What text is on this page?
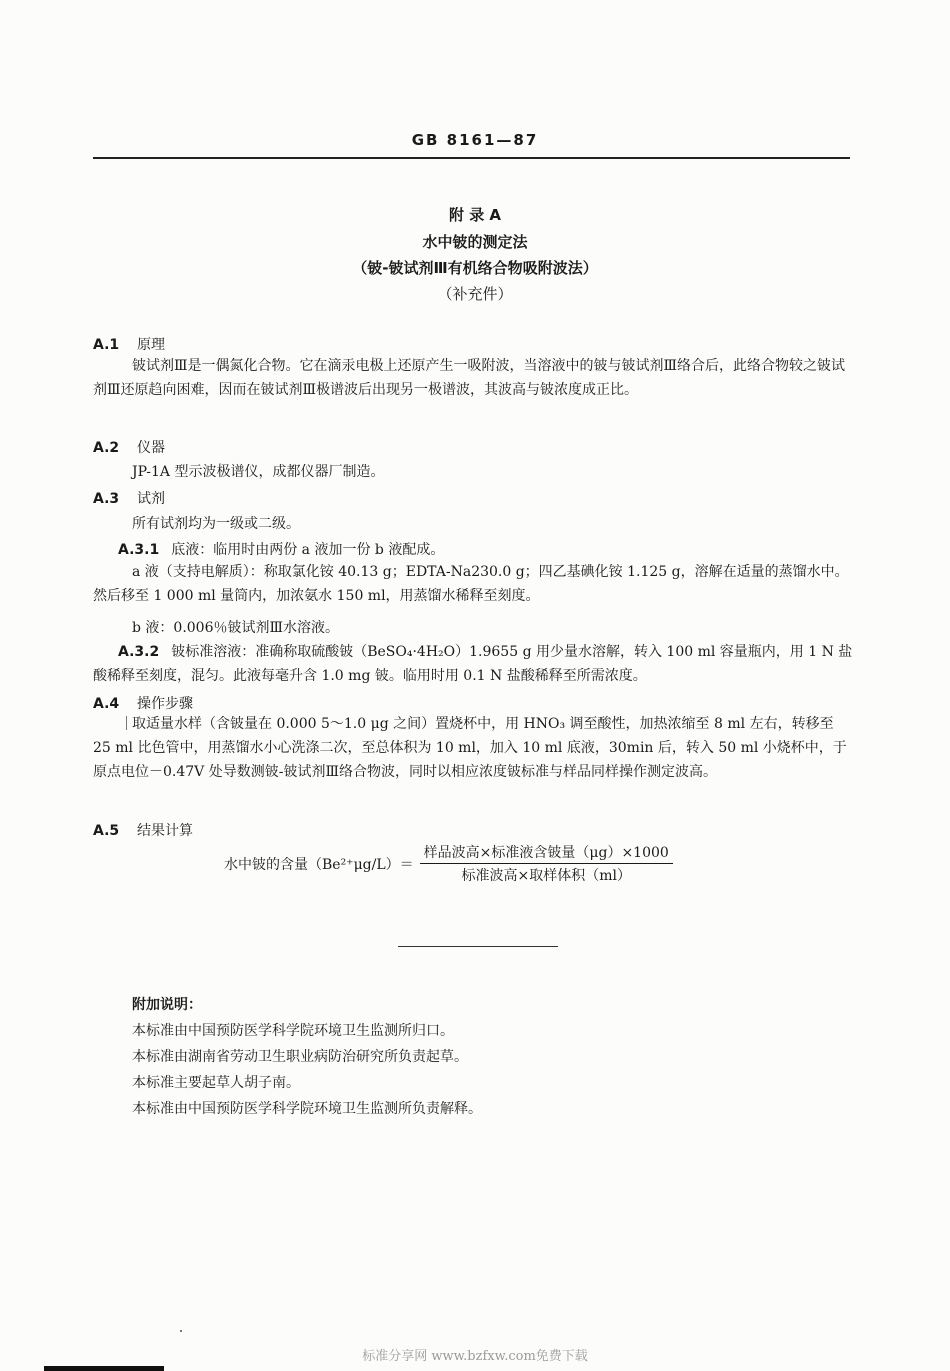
GB 8161—87
附 录 A
水中铍的测定法
（铍-铍试剂Ⅲ有机络合物吸附波法）
（补充件）
A.1 原理
铍试剂Ⅲ是一偶氮化合物。它在滴汞电极上还原产生一吸附波，当溶液中的铍与铍试剂Ⅲ络合后，此络合物较之铍试剂Ⅲ还原趋向困难，因而在铍试剂Ⅲ极谱波后出现另一极谱波，其波高与铍浓度成正比。
A.2 仪器
JP-1A 型示波极谱仪，成都仪器厂制造。
A.3 试剂
所有试剂均为一级或二级。
A.3.1 底液：临用时由两份 a 液加一份 b 液配成。
a 液（支持电解质）：称取氯化铵 40.13 g；EDTA-Na230.0 g；四乙基碘化铵 1.125 g，溶解在适量的蒸馏水中。然后移至 1 000 ml 量筒内，加浓氨水 150 ml，用蒸馏水稀释至刻度。
b 液：0.006％铍试剂Ⅲ水溶液。
A.3.2 铍标准溶液：准确称取硫酸铍（BeSO₄·4H₂O）1.9655 g 用少量水溶解，转入 100 ml 容量瓶内，用 1 N 盐酸稀释至刻度，混匀。此液每毫升含 1.0 mg 铍。临用时用 0.1 N 盐酸稀释至所需浓度。
A.4 操作步骤
取适量水样（含铍量在 0.000 5～1.0 μg 之间）置烧杯中，用 HNO₃ 调至酸性，加热浓缩至 8 ml 左右，转移至 25 ml 比色管中，用蒸馏水小心洗涤二次，至总体积为 10 ml，加入 10 ml 底液，30min 后，转入 50 ml 小烧杯中，于原点电位－0.47V 处导数测铍-铍试剂Ⅲ络合物波，同时以相应浓度铍标准与样品同样操作测定波高。
A.5 结果计算
水中铍的含量$(Be^{2+}\mu g/L)= \frac{\text{样品波高×标准液含铍量（μg）×1000}}{\text{标准波高×取样体积（ml）}}$
附加说明：
本标准由中国预防医学科学院环境卫生监测所归口。
本标准由湖南省劳动卫生职业病防治研究所负责起草。
本标准主要起草人胡子南。
本标准由中国预防医学科学院环境卫生监测所负责解释。
标准分享网 www.bzfxw.com免费下载
